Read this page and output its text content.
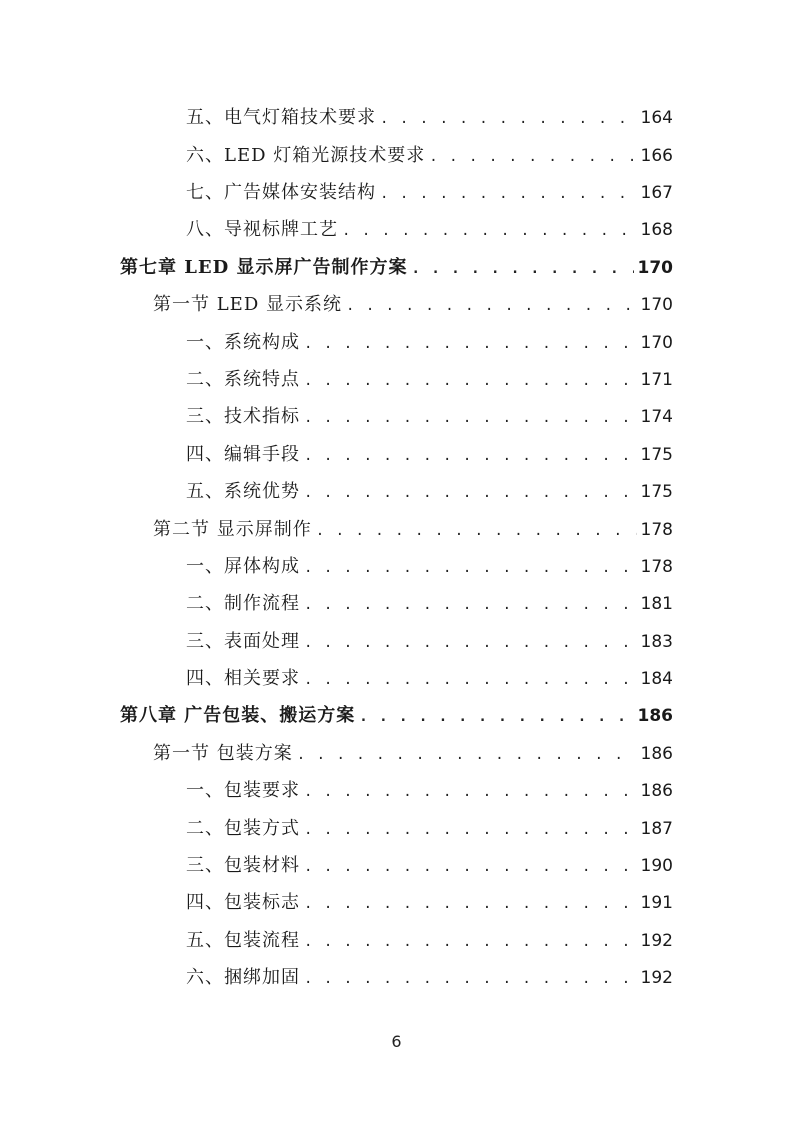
五、电气灯箱技术要求 . . .	164
六、LED 灯箱光源技术要求 . . .	166
七、广告媒体安装结构 . . .	167
八、导视标牌工艺 . . .	168
第七章 LED 显示屏广告制作方案 . . .	170
第一节 LED 显示系统 . . .	170
一、系统构成 . . .	170
二、系统特点 . . .	171
三、技术指标 . . .	174
四、编辑手段 . . .	175
五、系统优势 . . .	175
第二节 显示屏制作 . . .	178
一、屏体构成 . . .	178
二、制作流程 . . .	181
三、表面处理 . . .	183
四、相关要求 . . .	184
第八章 广告包装、搬运方案 . . .	186
第一节 包装方案 . . .	186
一、包装要求 . . .	186
二、包装方式 . . .	187
三、包装材料 . . .	190
四、包装标志 . . .	191
五、包装流程 . . .	192
六、捆绑加固 . . .	192
6
